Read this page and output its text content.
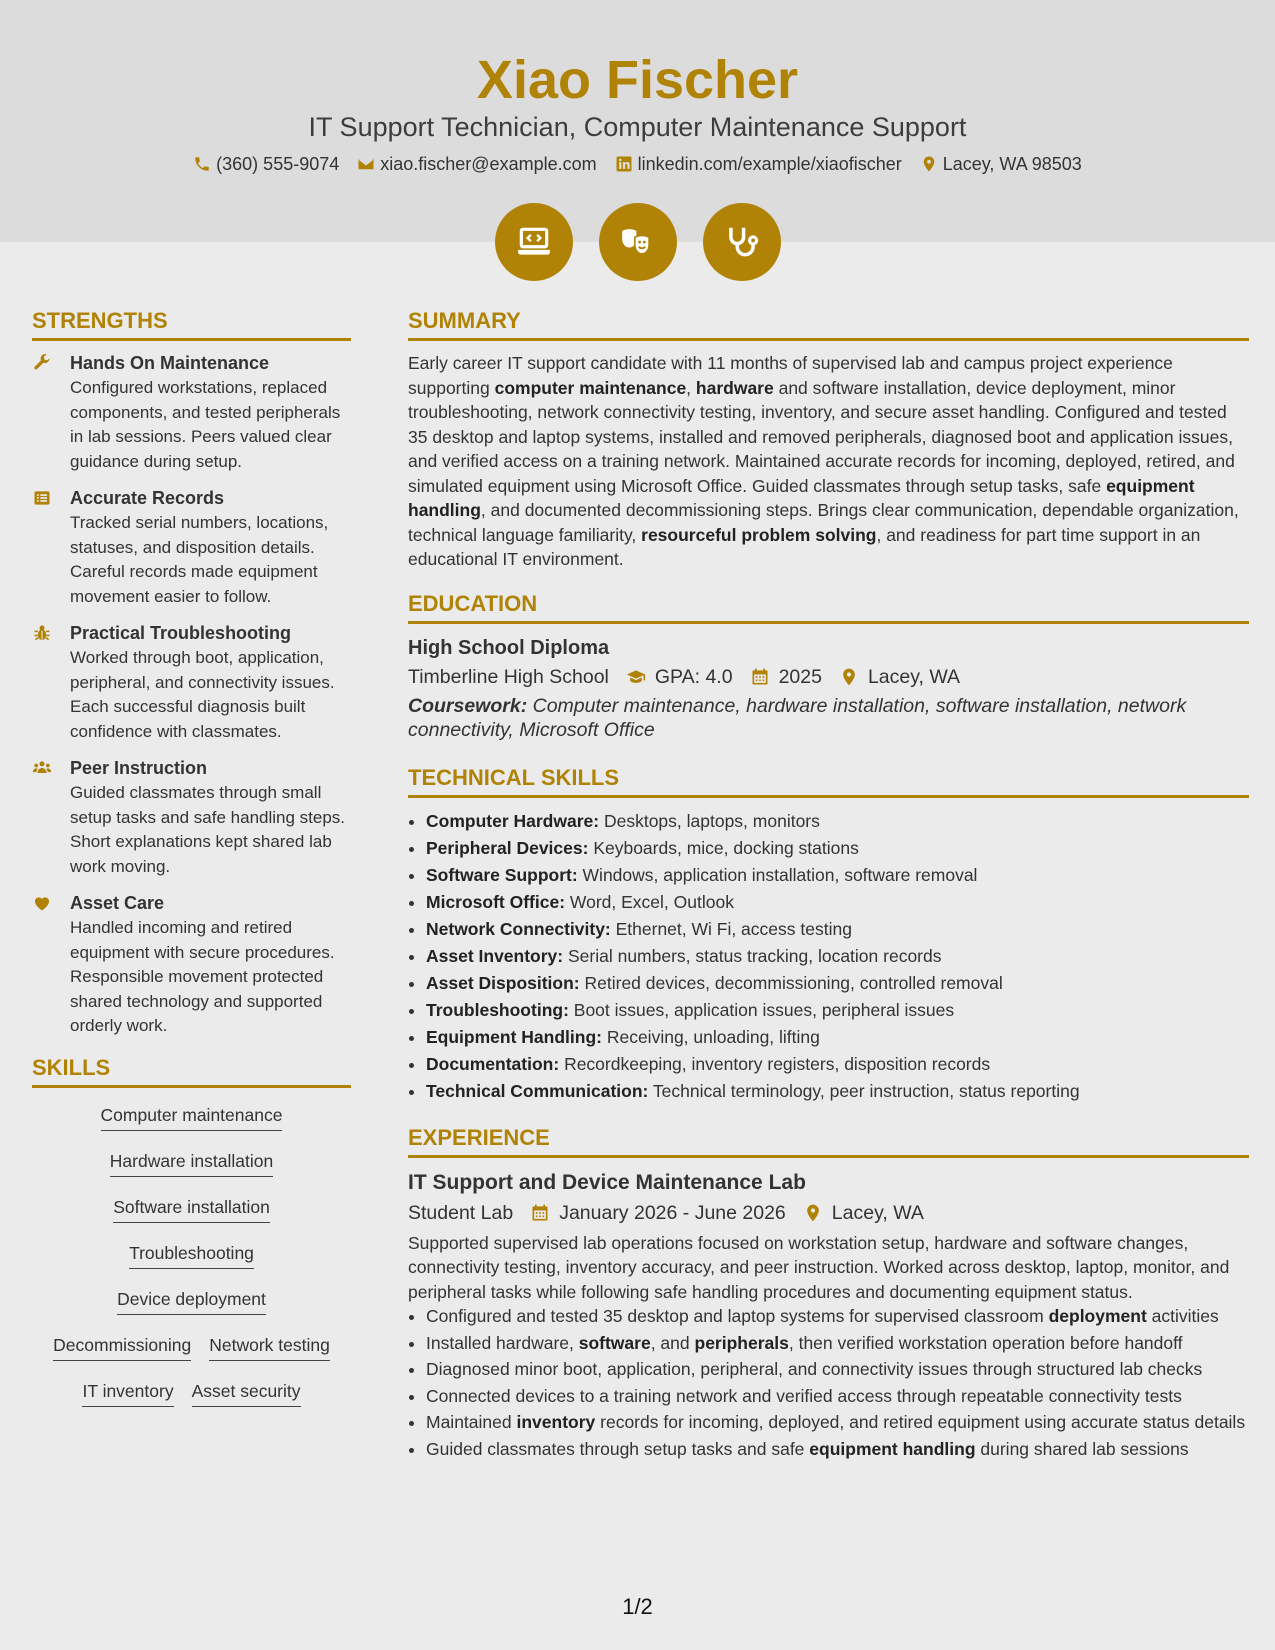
Xiao Fischer
IT Support Technician, Computer Maintenance Support
(360) 555-9074 xiao.fischer@example.com linkedin.com/example/xiaofischer Lacey, WA 98503
STRENGTHS
Hands On Maintenance
Configured workstations, replaced components, and tested peripherals in lab sessions. Peers valued clear guidance during setup.
Accurate Records
Tracked serial numbers, locations, statuses, and disposition details. Careful records made equipment movement easier to follow.
Practical Troubleshooting
Worked through boot, application, peripheral, and connectivity issues. Each successful diagnosis built confidence with classmates.
Peer Instruction
Guided classmates through small setup tasks and safe handling steps. Short explanations kept shared lab work moving.
Asset Care
Handled incoming and retired equipment with secure procedures. Responsible movement protected shared technology and supported orderly work.
SKILLS
Computer maintenance
Hardware installation
Software installation
Troubleshooting
Device deployment
Decommissioning Network testing
IT inventory Asset security
SUMMARY
Early career IT support candidate with 11 months of supervised lab and campus project experience supporting computer maintenance, hardware and software installation, device deployment, minor troubleshooting, network connectivity testing, inventory, and secure asset handling. Configured and tested 35 desktop and laptop systems, installed and removed peripherals, diagnosed boot and application issues, and verified access on a training network. Maintained accurate records for incoming, deployed, retired, and simulated equipment using Microsoft Office. Guided classmates through setup tasks, safe equipment handling, and documented decommissioning steps. Brings clear communication, dependable organization, technical language familiarity, resourceful problem solving, and readiness for part time support in an educational IT environment.
EDUCATION
High School Diploma
Timberline High School GPA: 4.0 2025 Lacey, WA
Coursework: Computer maintenance, hardware installation, software installation, network connectivity, Microsoft Office
TECHNICAL SKILLS
• Computer Hardware: Desktops, laptops, monitors
• Peripheral Devices: Keyboards, mice, docking stations
• Software Support: Windows, application installation, software removal
• Microsoft Office: Word, Excel, Outlook
• Network Connectivity: Ethernet, Wi Fi, access testing
• Asset Inventory: Serial numbers, status tracking, location records
• Asset Disposition: Retired devices, decommissioning, controlled removal
• Troubleshooting: Boot issues, application issues, peripheral issues
• Equipment Handling: Receiving, unloading, lifting
• Documentation: Recordkeeping, inventory registers, disposition records
• Technical Communication: Technical terminology, peer instruction, status reporting
EXPERIENCE
IT Support and Device Maintenance Lab
Student Lab January 2026 - June 2026 Lacey, WA
Supported supervised lab operations focused on workstation setup, hardware and software changes, connectivity testing, inventory accuracy, and peer instruction. Worked across desktop, laptop, monitor, and peripheral tasks while following safe handling procedures and documenting equipment status.
• Configured and tested 35 desktop and laptop systems for supervised classroom deployment activities
• Installed hardware, software, and peripherals, then verified workstation operation before handoff
• Diagnosed minor boot, application, peripheral, and connectivity issues through structured lab checks
• Connected devices to a training network and verified access through repeatable connectivity tests
• Maintained inventory records for incoming, deployed, and retired equipment using accurate status details
• Guided classmates through setup tasks and safe equipment handling during shared lab sessions
1/2
